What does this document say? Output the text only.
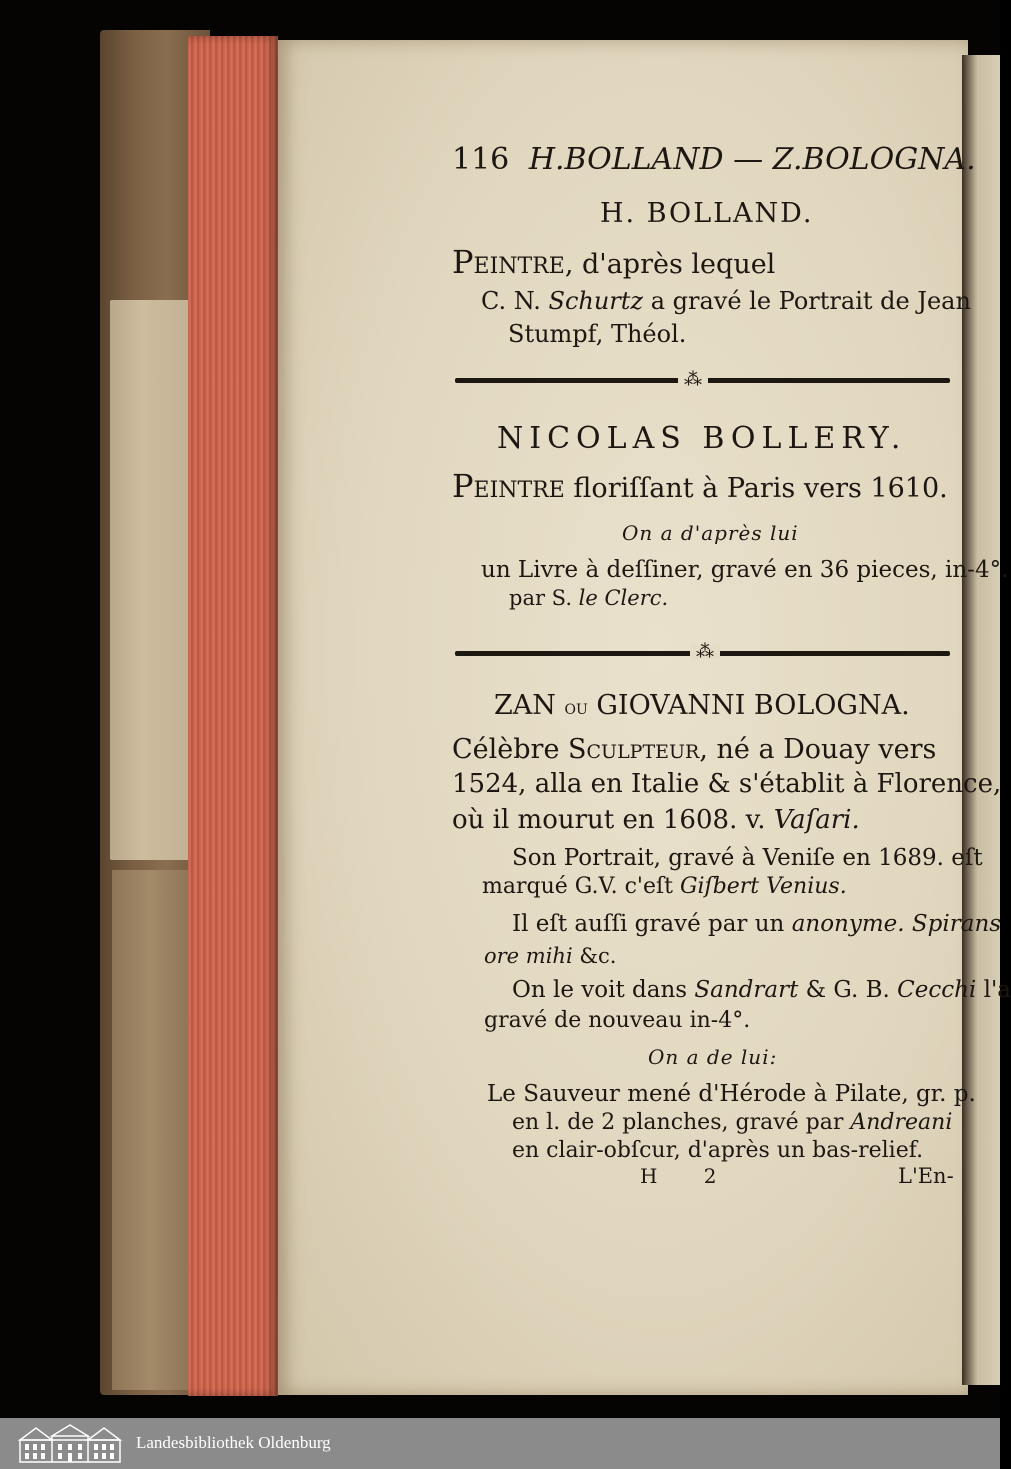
116 H.BOLLAND — Z.BOLOGNA.
H. BOLLAND.
Peintre, d'après lequel
C. N. Schurtz a gravé le Portrait de Jean
Stumpf, Théol.
⁂
NICOLAS BOLLERY.
Peintre floriſſant à Paris vers 1610.
On a d'après lui
un Livre à deſſiner, gravé en 36 pieces, in-4°.
par S. le Clerc.
⁂
ZAN ou GIOVANNI BOLOGNA.
Célèbre Sculpteur, né a Douay vers
1524, alla en Italie & s'établit à Florence,
où il mourut en 1608. v. Vaſari.
Son Portrait, gravé à Veniſe en 1689. eſt
marqué G.V. c'eſt Giſbert Venius.
Il eſt auſſi gravé par un anonyme. Spirans
ore mihi &c.
On le voit dans Sandrart & G. B. Cecchi l'a
gravé de nouveau in-4°.
On a de lui:
Le Sauveur mené d'Hérode à Pilate, gr. p.
en l. de 2 planches, gravé par Andreani
en clair-obſcur, d'après un bas-relief.
H 2	L'En-
Landesbibliothek Oldenburg
